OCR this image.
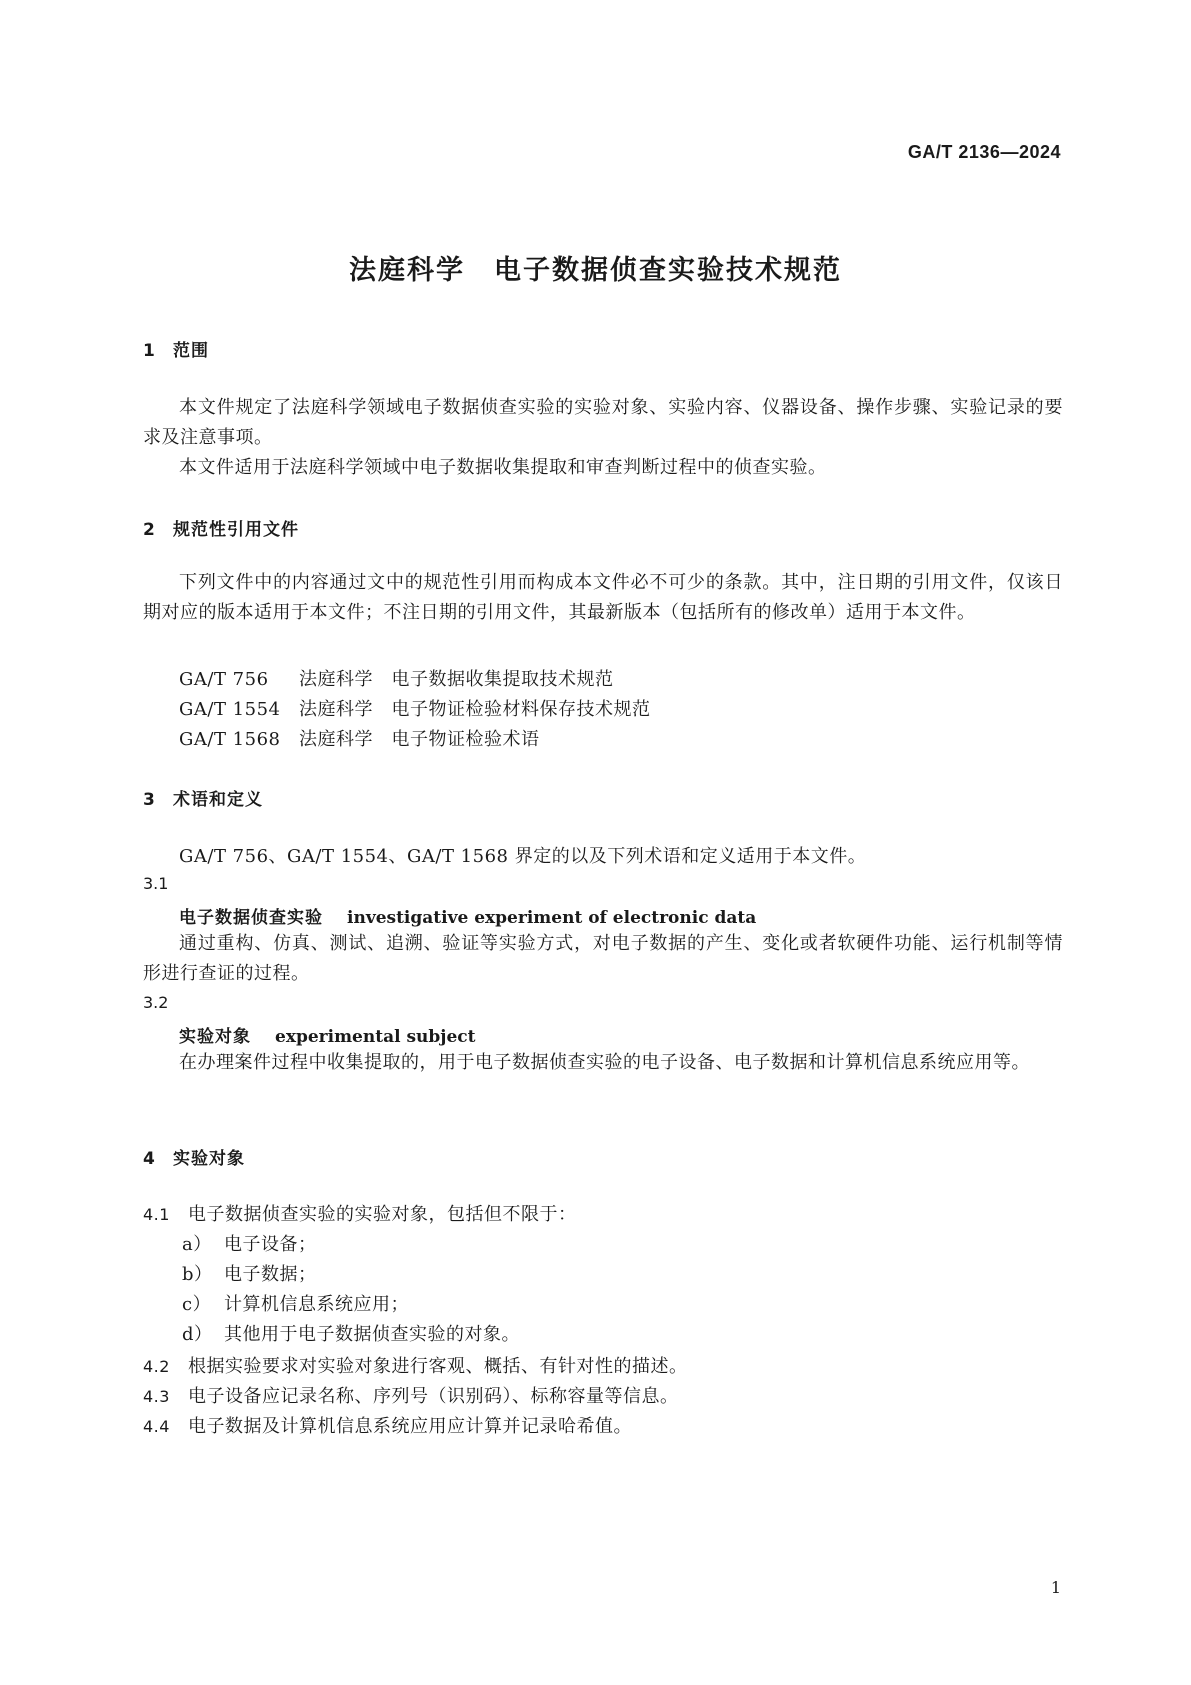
GA/T 2136—2024
法庭科学　电子数据侦查实验技术规范
1 范围
本文件规定了法庭科学领域电子数据侦查实验的实验对象、实验内容、仪器设备、操作步骤、实验记录的要求及注意事项。
本文件适用于法庭科学领域中电子数据收集提取和审查判断过程中的侦查实验。
2 规范性引用文件
下列文件中的内容通过文中的规范性引用而构成本文件必不可少的条款。其中，注日期的引用文件，仅该日期对应的版本适用于本文件；不注日期的引用文件，其最新版本（包括所有的修改单）适用于本文件。
GA/T 756 法庭科学　电子数据收集提取技术规范
GA/T 1554 法庭科学　电子物证检验材料保存技术规范
GA/T 1568 法庭科学　电子物证检验术语
3 术语和定义
GA/T 756、GA/T 1554、GA/T 1568 界定的以及下列术语和定义适用于本文件。
3.1
电子数据侦查实验 investigative experiment of electronic data
通过重构、仿真、测试、追溯、验证等实验方式，对电子数据的产生、变化或者软硬件功能、运行机制等情形进行查证的过程。
3.2
实验对象 experimental subject
在办理案件过程中收集提取的，用于电子数据侦查实验的电子设备、电子数据和计算机信息系统应用等。
4 实验对象
4.1 电子数据侦查实验的实验对象，包括但不限于：
a） 电子设备；
b） 电子数据；
c） 计算机信息系统应用；
d） 其他用于电子数据侦查实验的对象。
4.2 根据实验要求对实验对象进行客观、概括、有针对性的描述。
4.3 电子设备应记录名称、序列号（识别码）、标称容量等信息。
4.4 电子数据及计算机信息系统应用应计算并记录哈希值。
1
